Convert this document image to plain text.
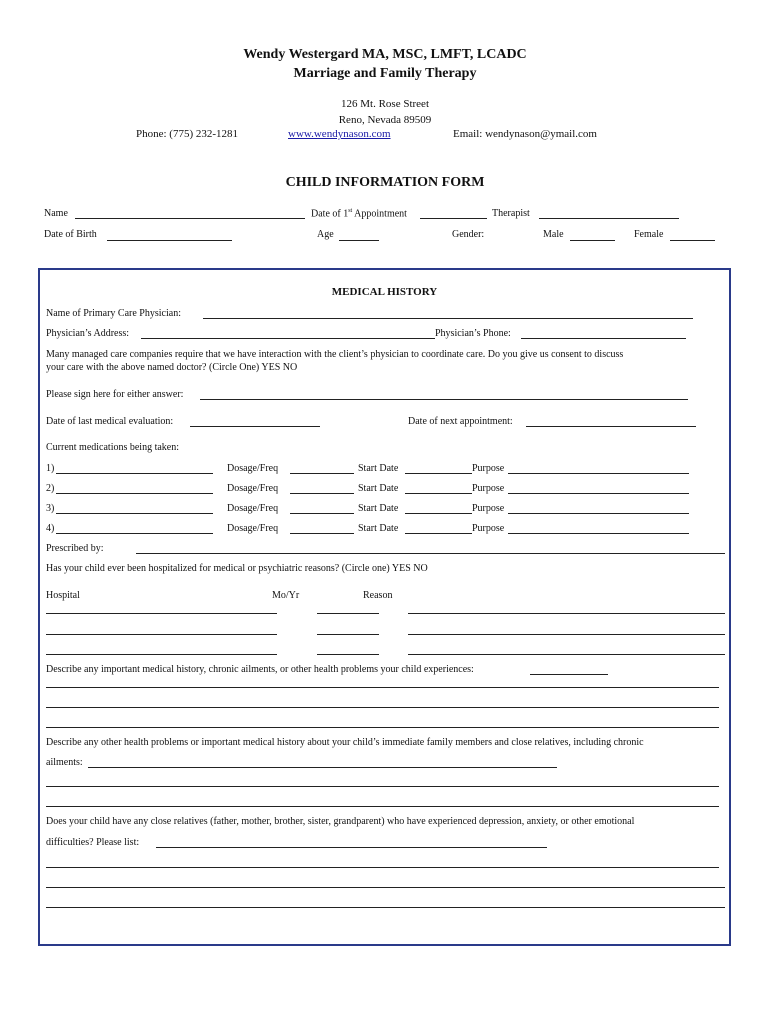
Wendy Westergard MA, MSC, LMFT, LCADC
Marriage and Family Therapy
126 Mt. Rose Street
Reno, Nevada 89509
Phone: (775) 232-1281	www.wendynason.com	Email: wendynason@ymail.com
CHILD INFORMATION FORM
Name	Date of 1st Appointment	Therapist
Date of Birth	Age	Gender:	Male	Female
MEDICAL HISTORY
Name of Primary Care Physician:
Physician’s Address:	Physician’s Phone:
Many managed care companies require that we have interaction with the client’s physician to coordinate care. Do you give us consent to discuss
your care with the above named doctor? (Circle One) YES NO
Please sign here for either answer:
Date of last medical evaluation:	Date of next appointment:
Current medications being taken:
1)	Dosage/Freq	Start Date	Purpose
2)	Dosage/Freq	Start Date	Purpose
3)	Dosage/Freq	Start Date	Purpose
4)	Dosage/Freq	Start Date	Purpose
Prescribed by:
Has your child ever been hospitalized for medical or psychiatric reasons? (Circle one) YES NO
Hospital	Mo/Yr	Reason
Describe any important medical history, chronic ailments, or other health problems your child experiences:
Describe any other health problems or important medical history about your child’s immediate family members and close relatives, including chronic
ailments:
Does your child have any close relatives (father, mother, brother, sister, grandparent) who have experienced depression, anxiety, or other emotional
difficulties? Please list:
